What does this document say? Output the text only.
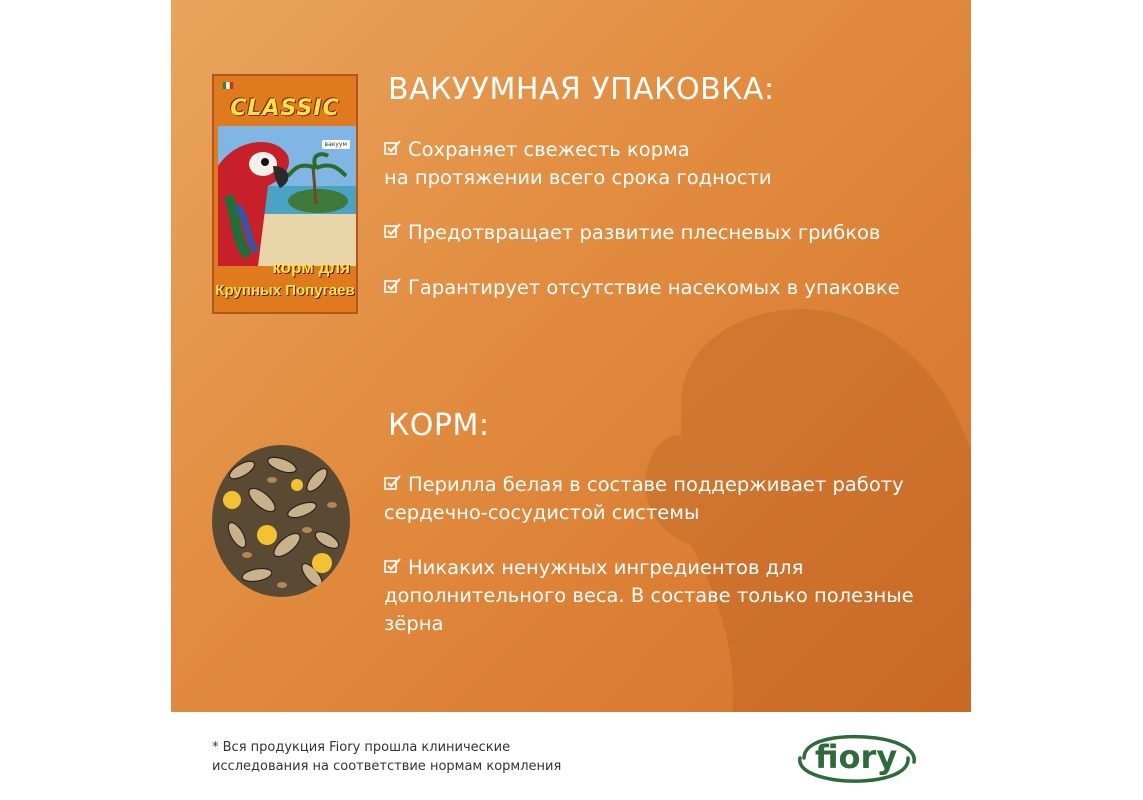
CLASSIC
вакуум
корм для
Крупных Попугаев
ВАКУУМНАЯ УПАКОВКА:
Сохраняет свежесть корма
на протяжении всего срока годности
Предотвращает развитие плесневых грибков
Гарантирует отсутствие насекомых в упаковке
КОРМ:
Перилла белая в составе поддерживает работу
сердечно-сосудистой системы
Никаких ненужных ингредиентов для
дополнительного веса. В составе только полезные
зёрна
* Вся продукция Fiory прошла клинические
исследования на соответствие нормам кормления	fiory
